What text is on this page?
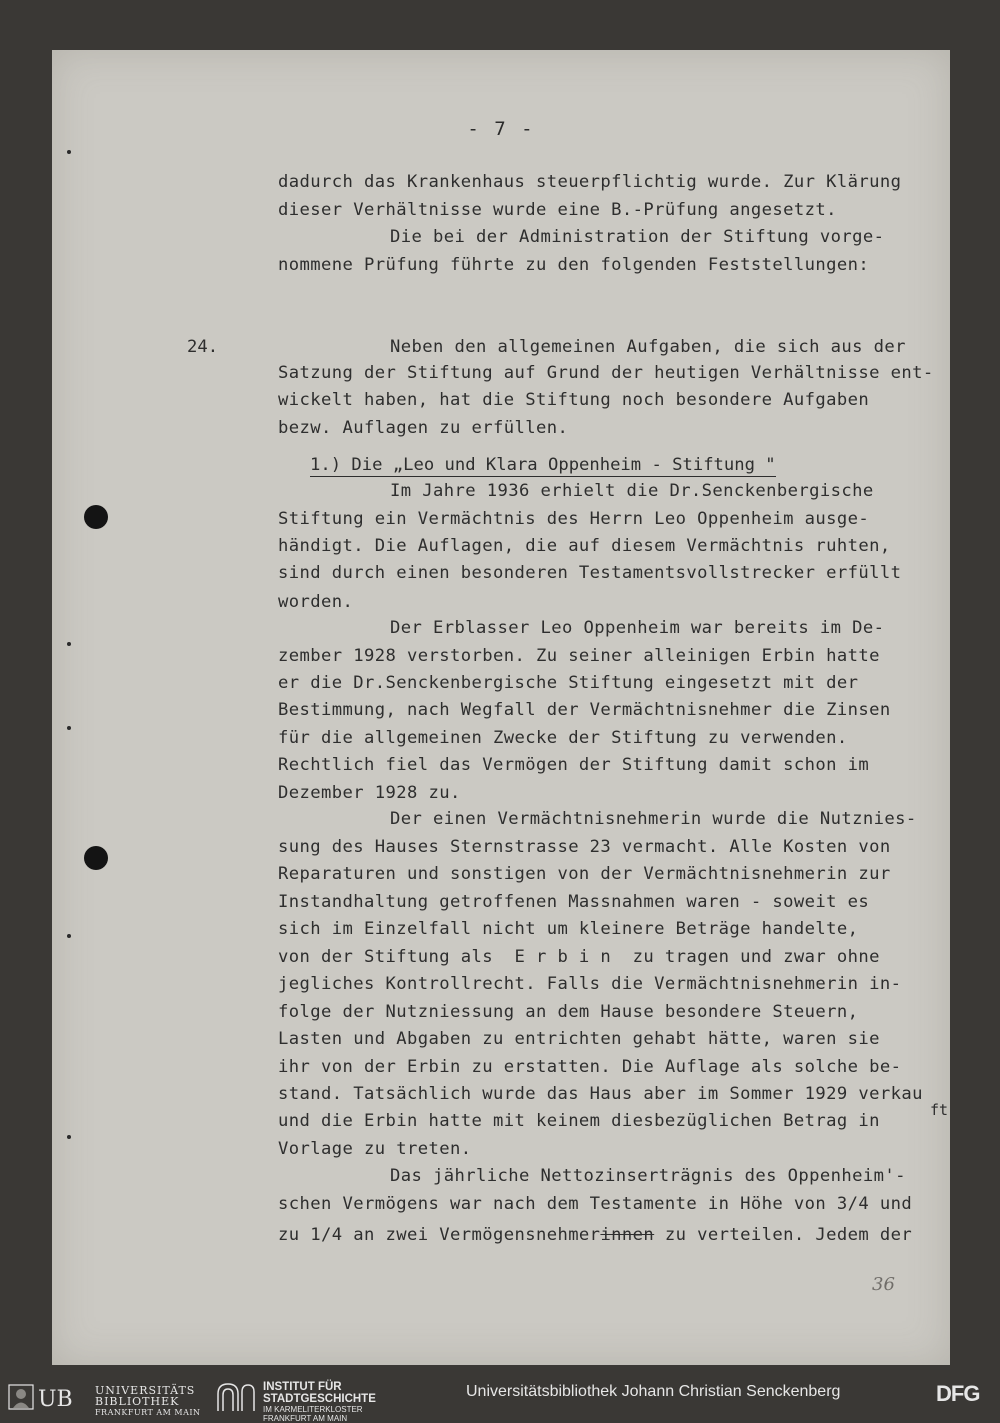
- 7 -

dadurch das Krankenhaus steuerpflichtig wurde. Zur Klärung

dieser Verhältnisse wurde eine B.-Prüfung angesetzt.

Die bei der Administration der Stiftung vorge-

nommene Prüfung führte zu den folgenden Feststellungen:

24.	Neben den allgemeinen Aufgaben, die sich aus der

Satzung der Stiftung auf Grund der heutigen Verhältnisse ent-

wickelt haben, hat die Stiftung noch besondere Aufgaben

bezw. Auflagen zu erfüllen.

1.) Die „Leo und Klara Oppenheim - Stiftung "

Im Jahre 1936 erhielt die Dr.Senckenbergische

Stiftung ein Vermächtnis des Herrn Leo Oppenheim ausge-

händigt. Die Auflagen, die auf diesem Vermächtnis ruhten,

sind durch einen besonderen Testamentsvollstrecker erfüllt

worden.

Der Erblasser Leo Oppenheim war bereits im De-

zember 1928 verstorben. Zu seiner alleinigen Erbin hatte

er die Dr.Senckenbergische Stiftung eingesetzt mit der

Bestimmung, nach Wegfall der Vermächtnisnehmer die Zinsen

für die allgemeinen Zwecke der Stiftung zu verwenden.

Rechtlich fiel das Vermögen der Stiftung damit schon im

Dezember 1928 zu.

Der einen Vermächtnisnehmerin wurde die Nutznies-

sung des Hauses Sternstrasse 23 vermacht. Alle Kosten von

Reparaturen und sonstigen von der Vermächtnisnehmerin zur

Instandhaltung getroffenen Massnahmen waren - soweit es

sich im Einzelfall nicht um kleinere Beträge handelte,

von der Stiftung als  E r b i n  zu tragen und zwar ohne

jegliches Kontrollrecht. Falls die Vermächtnisnehmerin in-

folge der Nutzniessung an dem Hause besondere Steuern,

Lasten und Abgaben zu entrichten gehabt hätte, waren sie

ihr von der Erbin zu erstatten. Die Auflage als solche be-

stand. Tatsächlich wurde das Haus aber im Sommer 1929 verkau

ft

und die Erbin hatte mit keinem diesbezüglichen Betrag in

Vorlage zu treten.

Das jährliche Nettozinserträgnis des Oppenheim'-

schen Vermögens war nach dem Testamente in Höhe von 3/4 und

zu 1/4 an zwei Vermögensnehmerinnen zu verteilen. Jedem der

36
UB UNIVERSITÄTS
BIBLIOTHEK
FRANKFURT AM MAIN
INSTITUT FÜR
STADTGESCHICHTE
IM KARMELITERKLOSTER
FRANKFURT AM MAIN
Universitätsbibliothek Johann Christian Senckenberg	DFG
